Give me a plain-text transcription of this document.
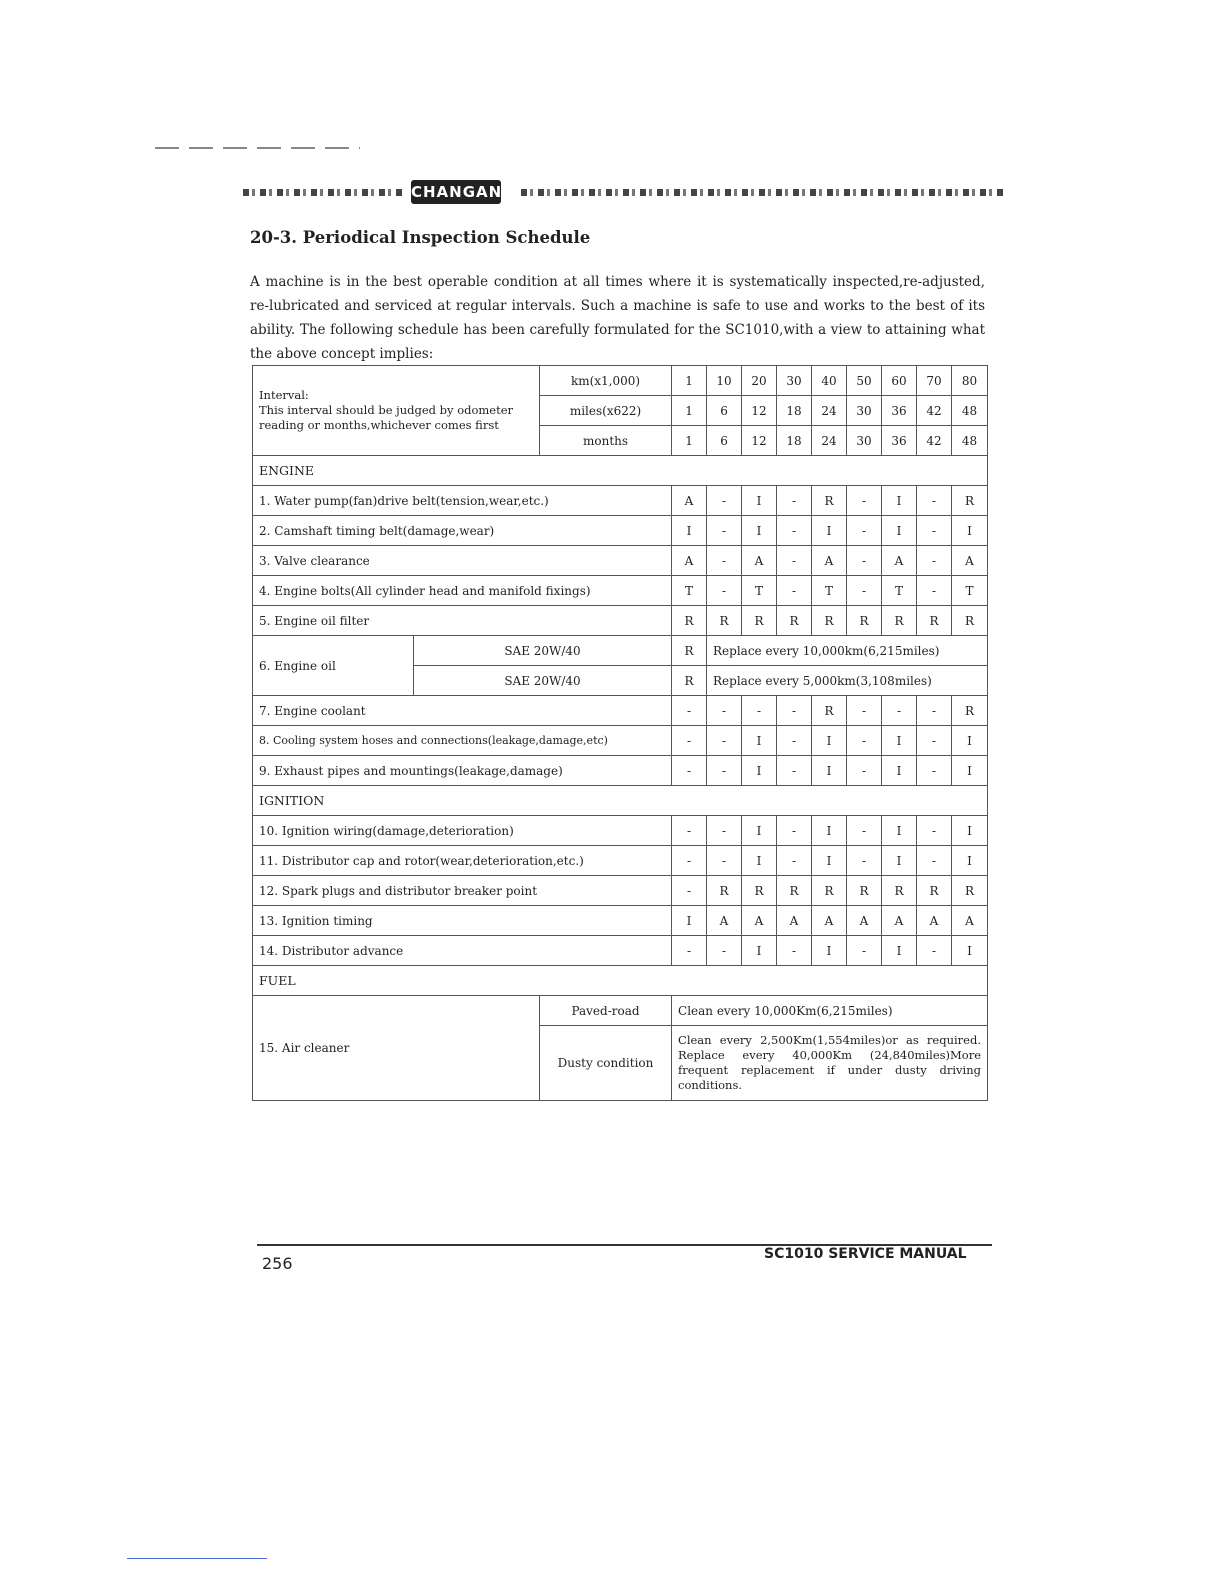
CHANGAN
20-3. Periodical Inspection Schedule

A machine is in the best operable condition at all times where it is systematically inspected,re-adjusted, re-lubricated and serviced at regular intervals. Such a machine is safe to use and works to the best of its ability. The following schedule has been carefully formulated for the SC1010,with a view to attaining what the above concept implies:

Interval:
This interval should be judged by odometer reading or months,whichever comes first		km(x1,000)	1	10	20	30	40	50	60	70	80
		miles(x622)	1	6	12	18	24	30	36	42	48
		months	1	6	12	18	24	30	36	42	48
ENGINE											
1. Water pump(fan)drive belt(tension,wear,etc.)			A	-	I	-	R	-	I	-	R
2. Camshaft timing belt(damage,wear)			I	-	I	-	I	-	I	-	I
3. Valve clearance			A	-	A	-	A	-	A	-	A
4. Engine bolts(All cylinder head and manifold fixings)			T	-	T	-	T	-	T	-	T
5. Engine oil filter			R	R	R	R	R	R	R	R	R
6. Engine oil	SAE 20W/40		R	Replace every 10,000km(6,215miles)							
	SAE 20W/40		R	Replace every 5,000km(3,108miles)							
7. Engine coolant			-	-	-	-	R	-	-	-	R
8. Cooling system hoses and connections(leakage,damage,etc)			-	-	I	-	I	-	I	-	I
9. Exhaust pipes and mountings(leakage,damage)			-	-	I	-	I	-	I	-	I
IGNITION											
10. Ignition wiring(damage,deterioration)			-	-	I	-	I	-	I	-	I
11. Distributor cap and rotor(wear,deterioration,etc.)			-	-	I	-	I	-	I	-	I
12. Spark plugs and distributor breaker point			-	R	R	R	R	R	R	R	R
13. Ignition timing			I	A	A	A	A	A	A	A	A
14. Distributor advance			-	-	I	-	I	-	I	-	I
FUEL											
15. Air cleaner		Paved-road	Clean every 10,000Km(6,215miles)								
		Dusty condition	Clean every 2,500Km(1,554miles)or as required. Replace every 40,000Km (24,840miles)More frequent replacement if under dusty driving conditions.								
256	SC1010 SERVICE MANUAL
